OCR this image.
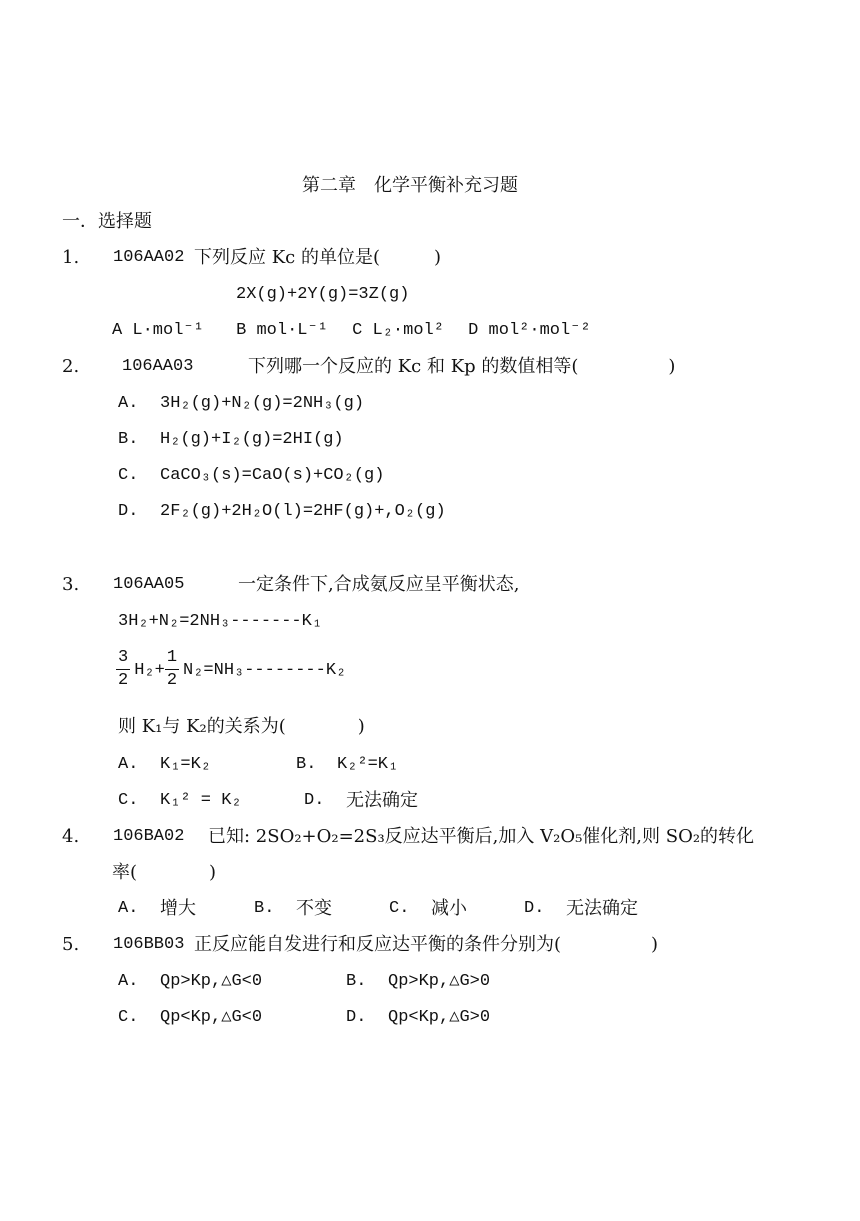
第二章　化学平衡补充习题
一．选择题
1. 106AA02 下列反应 Kc 的单位是(　　　)
2X(g)+2Y(g)=3Z(g)
A L·mol⁻¹ B mol·L⁻¹ C L₂·mol² D mol²·mol⁻²
2.	106AA03	下列哪一个反应的 Kc 和 Kp 的数值相等(　　　　　)
A. 3H₂(g)+N₂(g)=2NH₃(g)
B. H₂(g)+I₂(g)=2HI(g)
C. CaCO₃(s)=CaO(s)+CO₂(g)
D. 2F₂(g)+2H₂O(l)=2HF(g)+,O₂(g)
3. 106AA05	一定条件下,合成氨反应呈平衡状态,
3H₂+N₂=2NH₃-------K₁
$\frac{3}{2} H_2+ \frac{1}{2} N_2=NH_3--------K_2$
则 K₁与 K₂的关系为(　　　　)
A. K₁=K₂	B. K₂²=K₁
C. K₁² = K₂	D. 无法确定
4. 106BA02 已知: 2SO₂+O₂=2S₃反应达平衡后,加入 V₂O₅催化剂,则 SO₂的转化
率(　　　　)
A. 增大	B. 不变	C. 减小	D. 无法确定
5. 106BB03 正反应能自发进行和反应达平衡的条件分别为(　　　　　)
A. Qp>Kp,△G<0	B. Qp>Kp,△G>0
C. Qp<Kp,△G<0	D. Qp<Kp,△G>0
